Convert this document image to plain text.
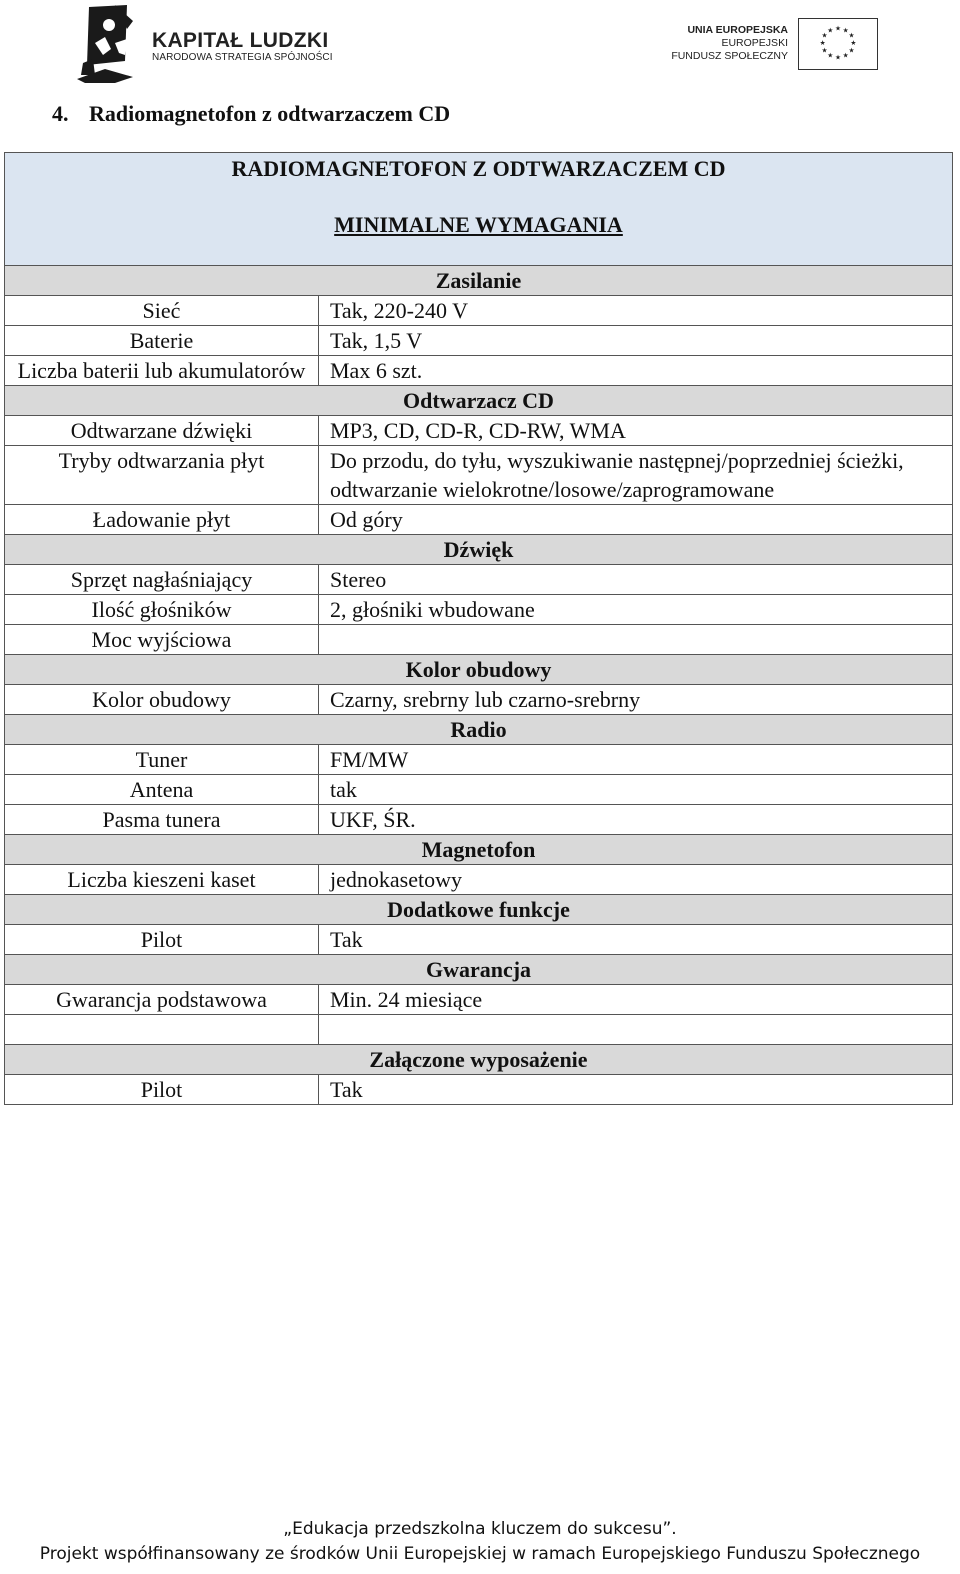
KAPITAŁ LUDZKI
NARODOWA STRATEGIA SPÓJNOŚCI
UNIA EUROPEJSKA
EUROPEJSKI
FUNDUSZ SPOŁECZNY
★ ★
★
★
★
★
★
★
★
★
★
★
4. Radiomagnetofon z odtwarzaczem CD
RADIOMAGNETOFON Z ODTWARZACZEM CD
MINIMALNE WYMAGANIA	

Zasilanie	
Sieć	Tak, 220-240 V
Baterie	Tak, 1,5 V
Liczba baterii lub akumulatorów	Max 6 szt.
Odtwarzacz CD	
Odtwarzane dźwięki	MP3, CD, CD-R, CD-RW, WMA
Tryby odtwarzania płyt	Do przodu, do tyłu, wyszukiwanie następnej/poprzedniej ścieżki, odtwarzanie wielokrotne/losowe/zaprogramowane
Ładowanie płyt	Od góry
Dźwięk	
Sprzęt nagłaśniający	Stereo
Ilość głośników	2, głośniki wbudowane
Moc wyjściowa	
Kolor obudowy	
Kolor obudowy	Czarny, srebrny lub czarno-srebrny
Radio	
Tuner	FM/MW
Antena	tak
Pasma tunera	UKF, ŚR.
Magnetofon	
Liczba kieszeni kaset	jednokasetowy
Dodatkowe funkcje	
Pilot	Tak
Gwarancja	
Gwarancja podstawowa	Min. 24 miesiące

Załączone wyposażenie	
Pilot	Tak
„Edukacja przedszkolna kluczem do sukcesu”.
Projekt współfinansowany ze środków Unii Europejskiej w ramach Europejskiego Funduszu Społecznego
